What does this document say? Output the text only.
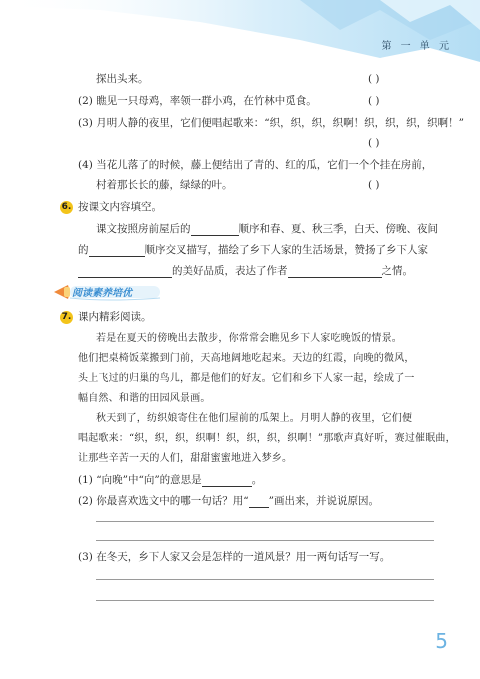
第 一 单 元
探出头来。	( )
(2) 瞧见一只母鸡，率领一群小鸡，在竹林中觅食。	( )
(3) 月明人静的夜里，它们便唱起歌来：“织，织，织，织啊！织，织，织，织啊！”
( )
(4) 当花儿落了的时候，藤上便结出了青的、红的瓜，它们一个个挂在房前，
村着那长长的藤，绿绿的叶。	( )
6. 按课文内容填空。
课文按照房前屋后的	顺序和春、夏、秋三季，白天、傍晚、夜间
的	顺序交叉描写，描绘了乡下人家的生活场景，赞扬了乡下人家
的美好品质，表达了作者	之情。
阅读素养培优
7. 课内精彩阅读。
若是在夏天的傍晚出去散步，你常常会瞧见乡下人家吃晚饭的情景。
他们把桌椅饭菜搬到门前，天高地阔地吃起来。天边的红霞，向晚的微风，
头上飞过的归巢的鸟儿，都是他们的好友。它们和乡下人家一起，绘成了一
幅自然、和谐的田园风景画。
秋天到了，纺织娘寄住在他们屋前的瓜架上。月明人静的夜里，它们便
唱起歌来：“织，织，织，织啊！织，织，织，织啊！”那歌声真好听，赛过催眠曲，
让那些辛苦一天的人们，甜甜蜜蜜地进入梦乡。
(1) “向晚”中“向”的意思是	。
(2) 你最喜欢选文中的哪一句话？用“ ”画出来，并说说原因。
(3) 在冬天，乡下人家又会是怎样的一道风景？用一两句话写一写。
5
